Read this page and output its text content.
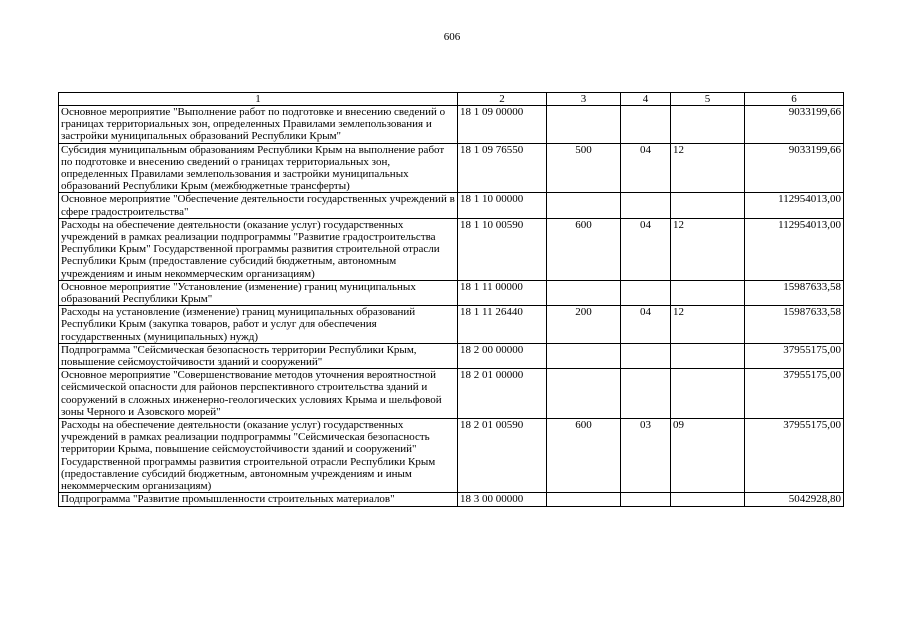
606
1	2	3	4	5	6
Основное мероприятие "Выполнение работ по подготовке и внесению сведений о границах территориальных зон, определенных Правилами землепользования и застройки муниципальных образований Республики Крым"	18 1 09 00000				9033199,66
Субсидия муниципальным образованиям Республики Крым на выполнение работ по подготовке и внесению сведений о границах территориальных зон, определенных Правилами землепользования и застройки муниципальных образований Республики Крым (межбюджетные трансферты)	18 1 09 76550	500	04	12	9033199,66
Основное мероприятие "Обеспечение деятельности государственных учреждений в сфере градостроительства"	18 1 10 00000				112954013,00
Расходы на обеспечение деятельности (оказание услуг) государственных учреждений в рамках реализации подпрограммы "Развитие градостроительства Республики Крым" Государственной программы развития строительной отрасли Республики Крым (предоставление субсидий бюджетным, автономным учреждениям и иным некоммерческим организациям)	18 1 10 00590	600	04	12	112954013,00
Основное мероприятие "Установление (изменение) границ муниципальных образований Республики Крым"	18 1 11 00000				15987633,58
Расходы на установление (изменение) границ муниципальных образований Республики Крым (закупка товаров, работ и услуг для обеспечения государственных (муниципальных) нужд)	18 1 11 26440	200	04	12	15987633,58
Подпрограмма "Сейсмическая безопасность территории Республики Крым, повышение сейсмоустойчивости зданий и сооружений"	18 2 00 00000				37955175,00
Основное мероприятие "Совершенствование методов уточнения вероятностной сейсмической опасности для районов перспективного строительства зданий и сооружений в сложных инженерно-геологических условиях Крыма и шельфовой зоны Черного и Азовского морей"	18 2 01 00000				37955175,00
Расходы на обеспечение деятельности (оказание услуг) государственных учреждений в рамках реализации подпрограммы "Сейсмическая безопасность территории Крыма, повышение сейсмоустойчивости зданий и сооружений" Государственной программы развития строительной отрасли Республики Крым (предоставление субсидий бюджетным, автономным учреждениям и иным некоммерческим организациям)	18 2 01 00590	600	03	09	37955175,00
Подпрограмма "Развитие промышленности строительных материалов"	18 3 00 00000				5042928,80
